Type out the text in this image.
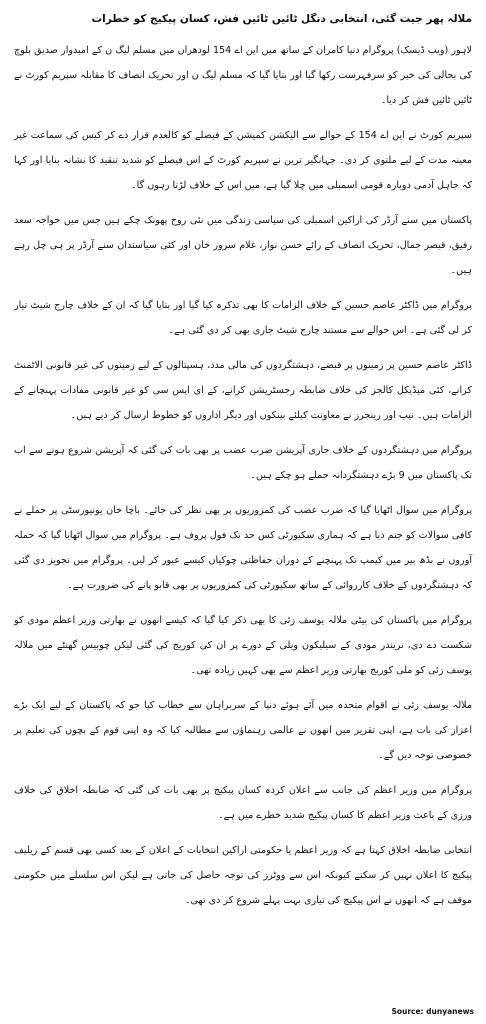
ملالہ پھر جیت گئی، انتخابی دنگل ٹائیں ٹائیں فش، کسان پیکیج کو خطرات

لاہور (ویب ڈیسک) پروگرام دنیا کامران کے ساتھ میں این اے 154 لودھراں میں مسلم لیگ ن کے امیدوار صدیق بلوچ کی بحالی کی خبر کو سرفہرست رکھا گیا اور بتایا گیا کہ مسلم لیگ ن اور تحریک انصاف کا مقابلہ سپریم کورٹ نے ٹائیں ٹائیں فش کر دیا۔

سپریم کورٹ نے این اے 154 کے حوالے سے الیکشن کمیشن کے فیصلے کو کالعدم قرار دے کر کیس کی سماعت غیر معینہ مدت کے لیے ملتوی کر دی۔ جہانگیر ترین نے سپریم کورٹ کے اس فیصلے کو شدید تنقید کا نشانہ بنایا اور کہا کہ جاہل آدمی دوبارہ قومی اسمبلی میں چلا گیا ہے، میں اس کے خلاف لڑتا رہوں گا۔

پاکستان میں سنے آرڈر کی اراکین اسمبلی کی سیاسی زندگی میں نئی روح پھونک چکے ہیں جس میں خواجہ سعد رفیق، قیصر جمال، تحریک انصاف کے رائے حسن نواز، غلام سرور خان اور کئی سیاستدان سنے آرڈر پر ہی چل رہے ہیں۔

پروگرام میں ڈاکٹر عاصم حسین کے خلاف الزامات کا بھی تذکرہ کیا گیا اور بتایا گیا کہ ان کے خلاف چارج شیٹ تیار کر لی گئی ہے۔ اس حوالے سے مستند چارج شیٹ جاری بھی کر دی گئی ہے۔

ڈاکٹر عاصم حسین پر زمینوں پر قبضے، دہشتگردوں کی مالی مدد، ہسپتالوں کے لیے زمینوں کی غیر قانونی الاٹمنٹ کرانے، کئی میڈیکل کالجز کی خلاف ضابطہ رجسٹریشن کرانے، کے ای ایس سی کو غیر قانونی مفادات پہنچانے کے الزامات ہیں۔ نیب اور رینجرز نے معاونت کیلئے بینکوں اور دیگر اداروں کو خطوط ارسال کر دیے ہیں۔

پروگرام میں دہشتگردوں کے خلاف جاری آپریشن ضرب عضب پر بھی بات کی گئی کہ آپریشن شروع ہونے سے اب تک پاکستان میں 9 بڑے دہشتگردانہ حملے ہو چکے ہیں۔

پروگرام میں سوال اٹھایا گیا کہ ضرب عضب کی کمزوریوں پر بھی نظر کی جائے۔ باچا خان یونیورسٹی پر حملے نے کافی سوالات کو جنم دیا ہے کہ ہماری سکیورٹی کس حد تک فول پروف ہے۔ پروگرام میں سوال اٹھایا گیا کہ حملہ آوروں نے بڈھ بیر میں کیمپ تک پہنچنے کے دوران حفاظتی چوکیاں کیسے عبور کر لیں۔ پروگرام میں تجویز دی گئی کہ دہشتگردوں کے خلاف کارروائی کے ساتھ سکیورٹی کی کمزوریوں پر بھی قابو پانے کی ضرورت ہے۔

پروگرام میں پاکستان کی بیٹی ملالہ یوسف زئی کا بھی ذکر کیا گیا کہ کیسے انھوں نے بھارتی وزیر اعظم مودی کو شکست دے دی، نریندر مودی کے سیلیکون ویلی کے دورے پر ان کی کوریج کی گئی لیکن چوبیس گھنٹے میں ملالہ یوسف زئی کو ملی کوریج بھارتی وزیر اعظم سے بھی کہیں زیادہ تھی۔

ملالہ یوسف زئی نے اقوام متحدہ میں آئے ہوئے دنیا کے سربراہان سے خطاب کیا جو کہ پاکستان کے لیے ایک بڑے اعزاز کی بات ہے، اپنی تقریر میں انھوں نے عالمی رہنماؤں سے مطالبہ کیا کہ وہ اپنی قوم کے بچوں کی تعلیم پر خصوصی توجہ دیں گے۔

پروگرام میں وزیر اعظم کی جانب سے اعلان کردہ کسان پیکیج پر بھی بات کی گئی کہ ضابطہ اخلاق کی خلاف ورزی کے باعث وزیر اعظم کا کسان پیکیج شدید خطرے میں ہے۔

انتخابی ضابطہ اخلاق کہتا ہے کہ وزیر اعظم یا حکومتی اراکین انتخابات کے اعلان کے بعد کسی بھی قسم کے ریلیف پیکیج کا اعلان نہیں کر سکتے کیونکہ اس سے ووٹرز کی توجہ حاصل کی جاتی ہے لیکن اس سلسلے میں حکومتی موقف ہے کہ انھوں نے اس پیکیج کی تیاری بہت پہلے شروع کر دی تھی۔

Source: dunyanews
